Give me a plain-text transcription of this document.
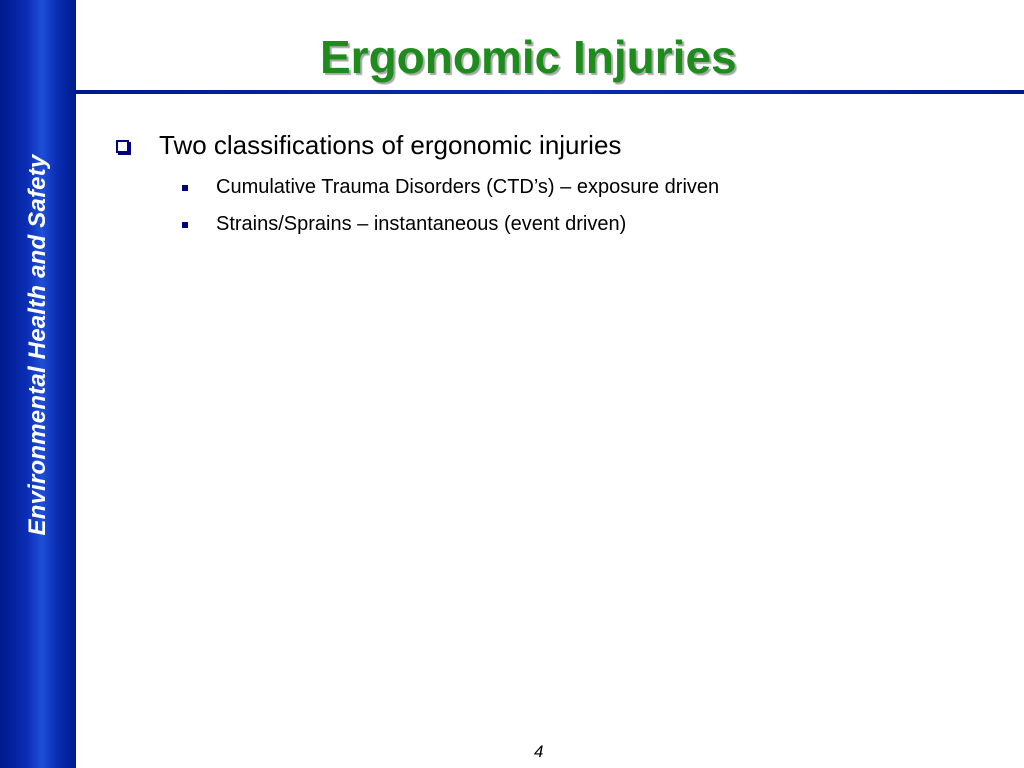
Environmental Health and Safety
Ergonomic Injuries
Two classifications of ergonomic injuries
Cumulative Trauma Disorders (CTD’s) – exposure driven
Strains/Sprains – instantaneous (event driven)
4
